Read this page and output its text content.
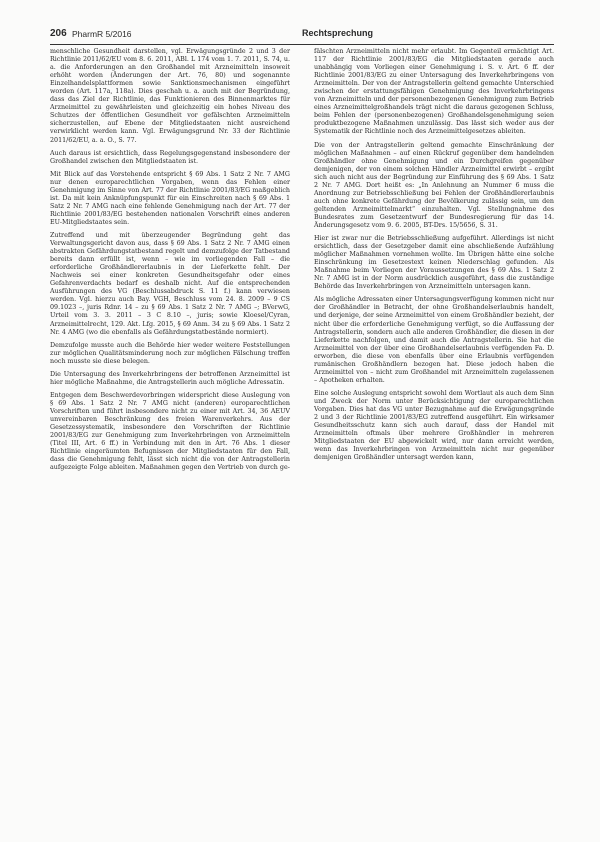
206 PharmR 5/2016	Rechtsprechung

menschliche Gesundheit darstellen, vgl. Erwägungsgründe 2 und 3 der Richtlinie 2011/62/EU vom 8. 6. 2011, ABl. L 174 vom 1. 7. 2011, S. 74, u. a. die Anforderungen an den Großhandel mit Arzneimitteln insoweit erhöht worden (Änderungen der Art. 76, 80) und sogenannte Einzelhandelsplattformen sowie Sanktionsmechanismen eingeführt worden (Art. 117a, 118a). Dies geschah u. a. auch mit der Begründung, dass das Ziel der Richtlinie, das Funktionieren des Binnenmarktes für Arzneimittel zu gewährleisten und gleichzeitig ein hohes Niveau des Schutzes der öffentlichen Gesundheit vor gefälschten Arzneimitteln sicherzustellen, auf Ebene der Mitgliedstaaten nicht ausreichend verwirklicht werden kann. Vgl. Erwägungsgrund Nr. 33 der Richtlinie 2011/62/EU, a. a. O., S. 77.

Auch daraus ist ersichtlich, dass Regelungsgegenstand insbesondere der Großhandel zwischen den Mitgliedstaaten ist.

Mit Blick auf das Vorstehende entspricht § 69 Abs. 1 Satz 2 Nr. 7 AMG nur denen europarechtlichen Vorgaben, wenn das Fehlen einer Genehmigung im Sinne von Art. 77 der Richtlinie 2001/83/EG maßgeblich ist. Da mit kein Anknüpfungspunkt für ein Einschreiten nach § 69 Abs. 1 Satz 2 Nr. 7 AMG nach eine fehlende Genehmigung nach der Art. 77 der Richtlinie 2001/83/EG bestehenden nationalen Vorschrift eines anderen EU-Mitgliedstaates sein.

Zutreffend und mit überzeugender Begründung geht das Verwaltungsgericht davon aus, dass § 69 Abs. 1 Satz 2 Nr. 7 AMG einen abstrakten Gefährdungstatbestand regelt und demzufolge der Tatbestand bereits dann erfüllt ist, wenn – wie im vorliegenden Fall – die erforderliche Großhändlererlaubnis in der Lieferkette fehlt. Der Nachweis sei einer konkreten Gesundheitsgefahr oder eines Gefahrenverdachts bedarf es deshalb nicht. Auf die entsprechenden Ausführungen des VG (Beschlussabdruck S. 11 f.) kann verwiesen werden. Vgl. hierzu auch Bay. VGH, Beschluss vom 24. 8. 2009 – 9 CS 09.1023 –, juris Rdnr. 14 – zu § 69 Abs. 1 Satz 2 Nr. 7 AMG –; BVerwG, Urteil vom 3. 3. 2011 – 3 C 8.10 –, juris; sowie Kloesel/Cyran, Arzneimittelrecht, 129. Akt. Lfg. 2015, § 69 Anm. 34 zu § 69 Abs. 1 Satz 2 Nr. 4 AMG (wo die ebenfalls als Gefährdungstatbestände normiert).

Demzufolge musste auch die Behörde hier weder weitere Feststellungen zur möglichen Qualitätsminderung noch zur möglichen Fälschung treffen noch musste sie diese belegen.

Die Untersagung des Inverkehrbringens der betroffenen Arzneimittel ist hier mögliche Maßnahme, die Antragstellerin auch mögliche Adressatin.

Entgegen dem Beschwerdevorbringen widerspricht diese Auslegung von § 69 Abs. 1 Satz 2 Nr. 7 AMG nicht (anderen) europarechtlichen Vorschriften und führt insbesondere nicht zu einer mit Art. 34, 36 AEUV unvereinbaren Beschränkung des freien Warenverkehrs. Aus der Gesetzessystematik, insbesondere den Vorschriften der Richtlinie 2001/83/EG zur Genehmigung zum Inverkehrbringen von Arzneimitteln (Titel III, Art. 6 ff.) in Verbindung mit den in Art. 76 Abs. 1 dieser Richtlinie eingeräumten Befugnissen der Mitgliedstaaten für den Fall, dass die Genehmigung fehlt, lässt sich nicht die von der Antragstellerin aufgezeigte Folge ableiten. Maßnahmen gegen den Vertrieb von durch ge-

fälschten Arzneimitteln nicht mehr erlaubt. Im Gegenteil ermächtigt Art. 117 der Richtlinie 2001/83/EG die Mitgliedstaaten gerade auch unabhängig vom Vorliegen einer Genehmigung i. S. v. Art. 6 ff. der Richtlinie 2001/83/EG zu einer Untersagung des Inverkehrbringens von Arzneimitteln. Der von der Antragstellerin geltend gemachte Unterschied zwischen der erstattungsfähigen Genehmigung des Inverkehrbringens von Arzneimitteln und der personenbezogenen Genehmigung zum Betrieb eines Arzneimittelgroßhandels trägt nicht die daraus gezogenen Schluss, beim Fehlen der (personenbezogenen) Großhandelsgenehmigung seien produktbezogene Maßnahmen unzulässig. Das lässt sich weder aus der Systematik der Richtlinie noch des Arzneimittelgesetzes ableiten.

Die von der Antragstellerin geltend gemachte Einschränkung der möglichen Maßnahmen – auf einen Rückruf gegenüber dem handelnden Großhändler ohne Genehmigung und ein Durchgreifen gegenüber demjenigen, der von einem solchen Händler Arzneimittel erwirbt – ergibt sich auch nicht aus der Begründung zur Einführung des § 69 Abs. 1 Satz 2 Nr. 7 AMG. Dort heißt es: „In Anlehnung an Nummer 6 muss die Anordnung zur Betriebsschließung bei Fehlen der Großhändlererlaubnis auch ohne konkrete Gefährdung der Bevölkerung zulässig sein, um den geltenden Arzneimittelmarkt“ einzuhalten. Vgl. Stellungnahme des Bundesrates zum Gesetzentwurf der Bundesregierung für das 14. Änderungsgesetz vom 9. 6. 2005, BT-Drs. 15/5656, S. 31.

Hier ist zwar nur die Betriebsschließung aufgeführt. Allerdings ist nicht ersichtlich, dass der Gesetzgeber damit eine abschließende Aufzählung möglicher Maßnahmen vornehmen wollte. Im Übrigen hätte eine solche Einschränkung im Gesetzestext keinen Niederschlag gefunden. Als Maßnahme beim Vorliegen der Voraussetzungen des § 69 Abs. 1 Satz 2 Nr. 7 AMG ist in der Norm ausdrücklich ausgeführt, dass die zuständige Behörde das Inverkehrbringen von Arzneimitteln untersagen kann.

Als mögliche Adressaten einer Untersagungsverfügung kommen nicht nur der Großhändler in Betracht, der ohne Großhandelserlaubnis handelt, und derjenige, der seine Arzneimittel von einem Großhändler bezieht, der nicht über die erforderliche Genehmigung verfügt, so die Auffassung der Antragstellerin, sondern auch alle anderen Großhändler, die diesen in der Lieferkette nachfolgen, und damit auch die Antragstellerin. Sie hat die Arzneimittel von der über eine Großhandelserlaubnis verfügenden Fa. D. erworben, die diese von ebenfalls über eine Erlaubnis verfügenden rumänischen Großhändlern bezogen hat. Diese jedoch haben die Arzneimittel von – nicht zum Großhandel mit Arzneimitteln zugelassenen – Apotheken erhalten.

Eine solche Auslegung entspricht sowohl dem Wortlaut als auch dem Sinn und Zweck der Norm unter Berücksichtigung der europarechtlichen Vorgaben. Dies hat das VG unter Bezugnahme auf die Erwägungsgründe 2 und 3 der Richtlinie 2001/83/EG zutreffend ausgeführt. Ein wirksamer Gesundheitsschutz kann sich auch darauf, dass der Handel mit Arzneimitteln oftmals über mehrere Großhändler in mehreren Mitgliedstaaten der EU abgewickelt wird, nur dann erreicht werden, wenn das Inverkehrbringen von Arzneimitteln nicht nur gegenüber demjenigen Großhändler untersagt werden kann,
